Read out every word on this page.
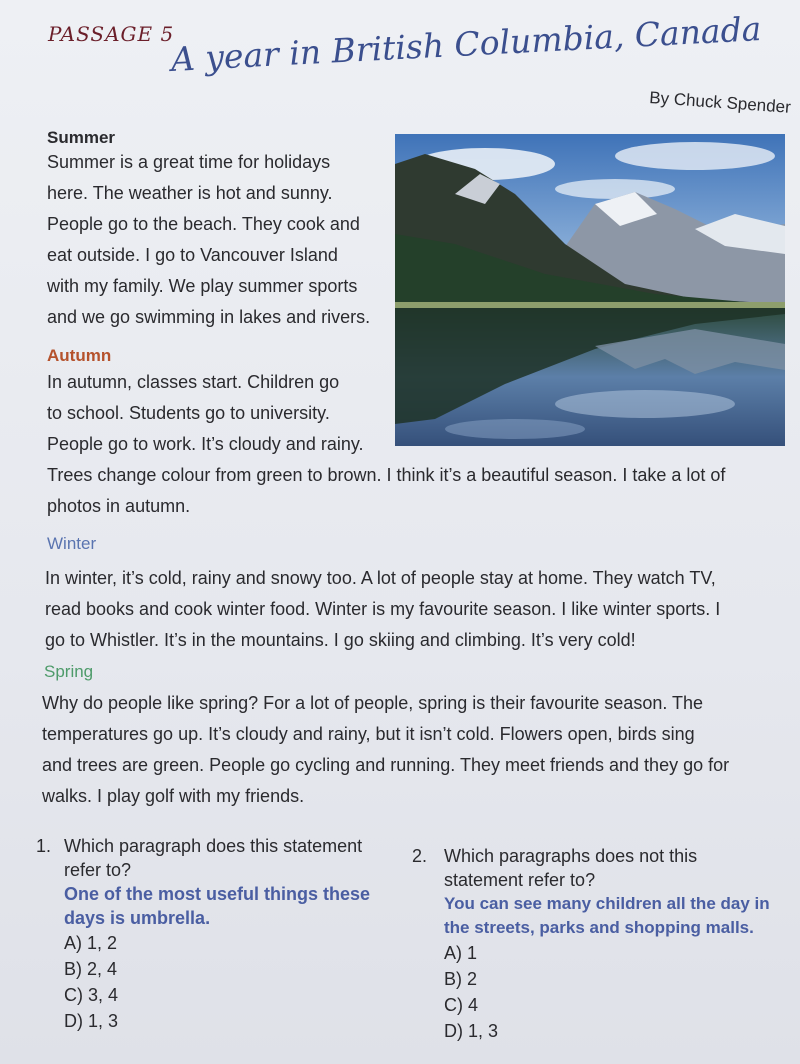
PASSAGE 5
A year in British Columbia, Canada
By Chuck Spender
Summer
Summer is a great time for holidays
here. The weather is hot and sunny.
People go to the beach. They cook and
eat outside. I go to Vancouver Island
with my family. We play summer sports
and we go swimming in lakes and rivers.
Autumn
In autumn, classes start. Children go
to school. Students go to university.
People go to work. It’s cloudy and rainy.
Trees change colour from green to brown. I think it’s a beautiful season. I take a lot of
photos in autumn.
Winter
In winter, it’s cold, rainy and snowy too. A lot of people stay at home. They watch TV,
read books and cook winter food. Winter is my favourite season. I like winter sports. I
go to Whistler. It’s in the mountains. I go skiing and climbing. It’s very cold!
Spring
Why do people like spring? For a lot of people, spring is their favourite season. The
temperatures go up. It’s cloudy and rainy, but it isn’t cold. Flowers open, birds sing
and trees are green. People go cycling and running. They meet friends and they go for
walks. I play golf with my friends.
1. Which paragraph does this statement
refer to?
One of the most useful things these
days is umbrella.
A) 1, 2
B) 2, 4
C) 3, 4
D) 1, 3
2. Which paragraphs does not this
statement refer to?
You can see many children all the day in
the streets, parks and shopping malls.
A) 1
B) 2
C) 4
D) 1, 3
